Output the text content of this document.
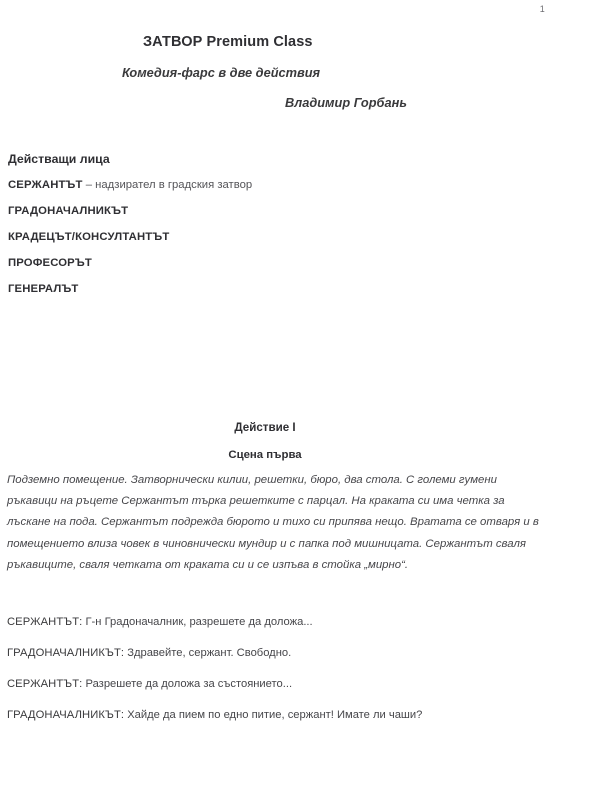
1
ЗАТВОР Premium Class
Комедия-фарс в две действия
Владимир Горбань
Действащи лица
СЕРЖАНТЪТ – надзирател в градския затвор
ГРАДОНАЧАЛНИКЪТ
КРАДЕЦЪТ/КОНСУЛТАНТЪТ
ПРОФЕСОРЪТ
ГЕНЕРАЛЪТ
Действие I
Сцена първа
Подземно помещение. Затворнически килии, решетки, бюро, два стола. С големи гумени ръкавици на ръцете Сержантът търка решетките с парцал. На краката си има четка за лъскане на пода. Сержантът подрежда бюрото и тихо си припява нещо. Вратата се отваря и в помещението влиза човек в чиновнически мундир и с папка под мишницата. Сержантът сваля ръкавиците, сваля четката от краката си и се изпъва в стойка „мирно“.
СЕРЖАНТЪТ: Г-н Градоначалник, разрешете да доложа...
ГРАДОНАЧАЛНИКЪТ: Здравейте, сержант. Свободно.
СЕРЖАНТЪТ: Разрешете да доложа за състоянието...
ГРАДОНАЧАЛНИКЪТ: Хайде да пием по едно питие, сержант! Имате ли чаши?
